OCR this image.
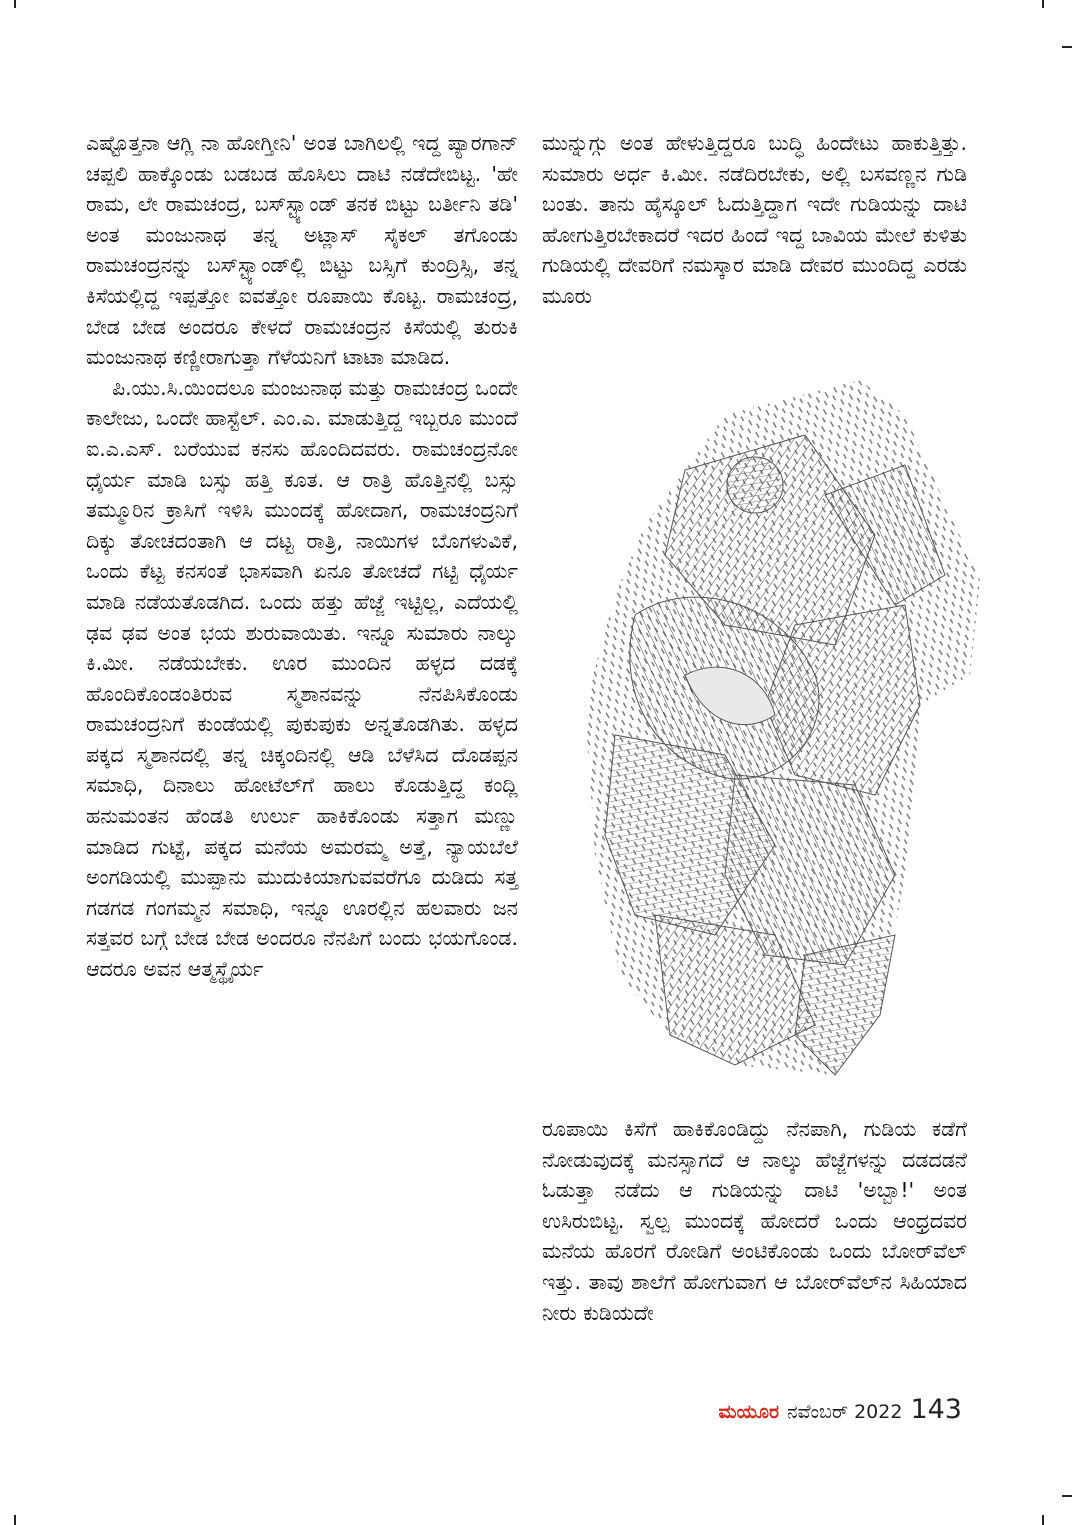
ಎಷ್ಟೊತ್ತನಾ ಆಗ್ಲಿ ನಾ ಹೋಗ್ತೀನಿ' ಅಂತ ಬಾಗಿಲಲ್ಲಿ ಇದ್ದ ಪ್ಯಾರಗಾನ್ ಚಪ್ಪಲಿ ಹಾಕ್ಕೊಂಡು ಬಡಬಡ ಹೊಸಿಲು ದಾಟಿ ನಡೆದೇಬಿಟ್ಟ. 'ಹೇ ರಾಮ, ಲೇ ರಾಮಚಂದ್ರ, ಬಸ್‌ಸ್ಟ್ಯಾಂಡ್ ತನಕ ಬಿಟ್ಟು ಬರ್ತೀನಿ ತಡಿ' ಅಂತ ಮಂಜುನಾಥ ತನ್ನ ಅಟ್ಲಾಸ್ ಸೈಕಲ್ ತಗೊಂಡು ರಾಮಚಂದ್ರನನ್ನು ಬಸ್‌ಸ್ಟ್ಯಾಂಡ್‌ಲ್ಲಿ ಬಿಟ್ಟು ಬಸ್ಸಿಗೆ ಕುಂದ್ರಿಸ್ಸಿ, ತನ್ನ ಕಿಸೆಯಲ್ಲಿದ್ದ ಇಪ್ಪತ್ತೋ ಐವತ್ತೋ ರೂಪಾಯಿ ಕೊಟ್ಟ. ರಾಮಚಂದ್ರ, ಬೇಡ ಬೇಡ ಅಂದರೂ ಕೇಳದೆ ರಾಮಚಂದ್ರನ ಕಿಸೆಯಲ್ಲಿ ತುರುಕಿ ಮಂಜುನಾಥ ಕಣ್ಣೀರಾಗುತ್ತಾ ಗೆಳೆಯನಿಗೆ ಟಾಟಾ ಮಾಡಿದ.

ಪಿ.ಯು.ಸಿ.ಯಿಂದಲೂ ಮಂಜುನಾಥ ಮತ್ತು ರಾಮಚಂದ್ರ ಒಂದೇ ಕಾಲೇಜು, ಒಂದೇ ಹಾಸ್ಟೆಲ್. ಎಂ.ಎ. ಮಾಡುತ್ತಿದ್ದ ಇಬ್ಬರೂ ಮುಂದೆ ಐ.ಎ.ಎಸ್. ಬರೆಯುವ ಕನಸು ಹೊಂದಿದವರು. ರಾಮಚಂದ್ರನೋ ಧೈರ್ಯ ಮಾಡಿ ಬಸ್ಸು ಹತ್ತಿ ಕೂತ. ಆ ರಾತ್ರಿ ಹೊತ್ತಿನಲ್ಲಿ ಬಸ್ಸು ತಮ್ಮೂರಿನ ಕ್ರಾಸಿಗೆ ಇಳಿಸಿ ಮುಂದಕ್ಕೆ ಹೋದಾಗ, ರಾಮಚಂದ್ರನಿಗೆ ದಿಕ್ಕು ತೋಚದಂತಾಗಿ ಆ ದಟ್ಟ ರಾತ್ರಿ, ನಾಯಿಗಳ ಬೊಗಳುವಿಕೆ, ಒಂದು ಕೆಟ್ಟ ಕನಸಂತೆ ಭಾಸವಾಗಿ ಏನೂ ತೋಚದೆ ಗಟ್ಟಿ ಧೈರ್ಯ ಮಾಡಿ ನಡೆಯತೊಡಗಿದ. ಒಂದು ಹತ್ತು ಹೆಜ್ಜೆ ಇಟ್ಟಿಲ್ಲ, ಎದೆಯಲ್ಲಿ ಢವ ಢವ ಅಂತ ಭಯ ಶುರುವಾಯಿತು. ಇನ್ನೂ ಸುಮಾರು ನಾಲ್ಕು ಕಿ.ಮೀ. ನಡೆಯಬೇಕು. ಊರ ಮುಂದಿನ ಹಳ್ಳದ ದಡಕ್ಕೆ ಹೊಂದಿಕೊಂಡಂತಿರುವ ಸ್ಮಶಾನವನ್ನು ನೆನಪಿಸಿಕೊಂಡು ರಾಮಚಂದ್ರನಿಗೆ ಕುಂಡೆಯಲ್ಲಿ ಪುಕುಪುಕು ಅನ್ನತೊಡಗಿತು. ಹಳ್ಳದ ಪಕ್ಕದ ಸ್ಮಶಾನದಲ್ಲಿ ತನ್ನ ಚಿಕ್ಕಂದಿನಲ್ಲಿ ಆಡಿ ಬೆಳೆಸಿದ ದೊಡಪ್ಪನ ಸಮಾಧಿ, ದಿನಾಲು ಹೋಟೆಲ್‌ಗೆ ಹಾಲು ಕೊಡುತ್ತಿದ್ದ ಕಂದ್ಲಿ ಹನುಮಂತನ ಹೆಂಡತಿ ಉರ್ಲು ಹಾಕಿಕೊಂಡು ಸತ್ತಾಗ ಮಣ್ಣು ಮಾಡಿದ ಗುಟ್ಟೆ, ಪಕ್ಕದ ಮನೆಯ ಅಮರಮ್ಮ ಅತ್ತೆ, ನ್ಯಾಯಬೆಲೆ ಅಂಗಡಿಯಲ್ಲಿ ಮುಪ್ಪಾನು ಮುದುಕಿಯಾಗುವವರೆಗೂ ದುಡಿದು ಸತ್ತ ಗಡಗಡ ಗಂಗಮ್ಮನ ಸಮಾಧಿ, ಇನ್ನೂ ಊರಲ್ಲಿನ ಹಲವಾರು ಜನ ಸತ್ತವರ ಬಗ್ಗೆ ಬೇಡ ಬೇಡ ಅಂದರೂ ನೆನಪಿಗೆ ಬಂದು ಭಯಗೊಂಡ. ಆದರೂ ಅವನ ಆತ್ಮಸ್ಥೈರ್ಯ

ಮುನ್ನುಗ್ಗು ಅಂತ ಹೇಳುತ್ತಿದ್ದರೂ ಬುದ್ಧಿ ಹಿಂದೇಟು ಹಾಕುತ್ತಿತ್ತು. ಸುಮಾರು ಅರ್ಧ ಕಿ.ಮೀ. ನಡೆದಿರಬೇಕು, ಅಲ್ಲಿ ಬಸವಣ್ಣನ ಗುಡಿ ಬಂತು. ತಾನು ಹೈಸ್ಕೂಲ್ ಓದುತ್ತಿದ್ದಾಗ ಇದೇ ಗುಡಿಯನ್ನು ದಾಟಿ ಹೋಗುತ್ತಿರಬೇಕಾದರೆ ಇದರ ಹಿಂದೆ ಇದ್ದ ಬಾವಿಯ ಮೇಲೆ ಕುಳಿತು ಗುಡಿಯಲ್ಲಿ ದೇವರಿಗೆ ನಮಸ್ಕಾರ ಮಾಡಿ ದೇವರ ಮುಂದಿದ್ದ ಎರಡು ಮೂರು

ರೂಪಾಯಿ ಕಿಸೆಗೆ ಹಾಕಿಕೊಂಡಿದ್ದು ನೆನಪಾಗಿ, ಗುಡಿಯ ಕಡೆಗೆ ನೋಡುವುದಕ್ಕೆ ಮನಸ್ಸಾಗದೆ ಆ ನಾಲ್ಕು ಹೆಜ್ಜೆಗಳನ್ನು ದಡದಡನೆ ಓಡುತ್ತಾ ನಡೆದು ಆ ಗುಡಿಯನ್ನು ದಾಟಿ 'ಅಬ್ಬಾ!' ಅಂತ ಉಸಿರುಬಿಟ್ಟ. ಸ್ವಲ್ಪ ಮುಂದಕ್ಕೆ ಹೋದರೆ ಒಂದು ಆಂಧ್ರದವರ ಮನೆಯ ಹೊರಗೆ ರೋಡಿಗೆ ಅಂಟಿಕೊಂಡು ಒಂದು ಬೋರ್‌ವೆಲ್ ಇತ್ತು. ತಾವು ಶಾಲೆಗೆ ಹೋಗುವಾಗ ಆ ಬೋರ್‌ವೆಲ್‌ನ ಸಿಹಿಯಾದ ನೀರು ಕುಡಿಯದೇ

ಮಯೂರ ನವೆಂಬರ್ 2022 143
